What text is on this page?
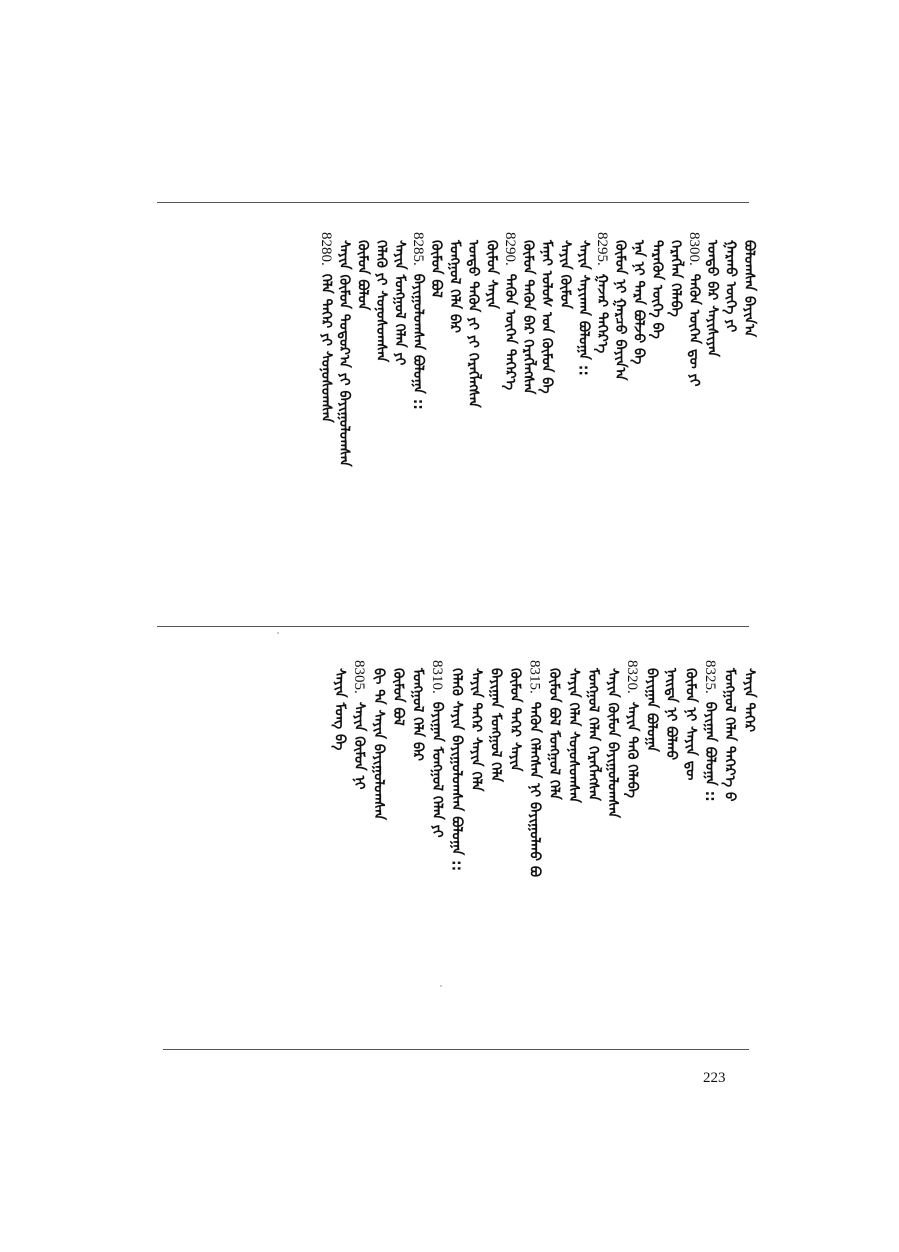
ᠪᠣᠯᠣᠭᠰᠠᠨ ᠪᠠᠶᠢᠨ᠎ᠠ
ᠭᠠᠷᠬᠤ ᠦᠭᠡ ᠶᠢ
ᠤᠨᠳᠤ ᠪᠠᠷ ᠰᠠᠶᠢᠰᠢᠶᠠᠨ
8300.ᠲᠡᠭᠦᠨ ᠦᠭᠡᠨ ᠳᠦ ᠶᠢ
ᠬᠡᠷᠡᠭᠯᠡᠨ ᠬᠡᠯᠡᠪᠡ
ᠲᠡᠷᠡᠭᠦᠨ ᠦᠭᠡ ᠪᠡ
ᠡᠨᠡ ᠨᠢ ᠲᠡᠷᠡ ᠪᠣᠯᠵᠤ ᠪᠠ
ᠬᠦᠮᠦᠨ ᠨᠢ ᠭᠠᠷᠴᠤ ᠪᠠᠶᠢᠨ᠎ᠠ
8295.ᠭᠠᠵᠠᠷ ᠳᠡᠭᠡᠷ᠎ᠡ
ᠰᠠᠶᠢᠨ ᠰᠠᠶᠢᠬᠠᠨ ᠪᠣᠯᠤᠭᠠ ::
ᠰᠠᠶᠢᠨ ᠬᠦᠮᠦᠨ
ᠮᠠᠨᠠᠢ ᠤᠯᠤᠰ ᠤᠨ ᠬᠦᠮᠦᠨ ᠪᠠ
ᠬᠦᠮᠦᠨ ᠲᠡᠭᠦᠨ ᠪᠡᠷ ᠬᠡᠷᠡᠭᠯᠡᠭᠰᠡᠨ
8290.ᠲᠡᠭᠦᠨ ᠦᠭᠡᠨ ᠳᠡᠭᠡᠷ᠎ᠡ
ᠬᠦᠮᠦᠨ ᠰᠠᠶᠢᠨ
ᠤᠨᠳᠤ ᠲᠡᠭᠦᠨ ᠶᠢ ᠶᠢ ᠬᠡᠷᠡᠭᠯᠡᠭᠰᠡᠨ
ᠮᠣᠩᠭᠣᠯ ᠬᠡᠯᠡ ᠪᠡᠷ
ᠬᠦᠮᠦᠨ ᠪᠣᠯ
8285.ᠪᠠᠶᠢᠭᠤᠯᠤᠭᠰᠠᠨ ᠪᠣᠯᠤᠭᠠ ::
ᠰᠠᠶᠢᠨ ᠮᠣᠩᠭᠣᠯ ᠬᠡᠯᠡᠨ ᠶᠢ
ᠬᠡᠯᠡᠬᠦ ᠶᠢ ᠰᠣᠨᠣᠰᠣᠭᠰᠠᠨ
ᠬᠦᠮᠦᠨ ᠪᠣᠯᠣᠨ
ᠰᠠᠶᠢᠨ ᠬᠦᠮᠦᠨ ᠳᠣᠲᠣᠷ᠎ᠠ ᠶᠢ ᠪᠠᠶᠢᠭᠤᠯᠤᠭᠰᠠᠨ
8280.ᠬᠡᠯᠡ ᠳᠡᠭᠡᠷ ᠶᠢ ᠰᠣᠨᠣᠰᠣᠭᠰᠠᠨ
ᠰᠠᠶᠢᠨ ᠳᠡᠭᠡᠷ
ᠮᠣᠩᠭᠣᠯ ᠬᠡᠯᠡᠨ ᠳᠡᠭᠡᠷ᠎ᠡ ᠪ
8325.ᠪᠠᠶᠢᠭᠠᠨ ᠪᠣᠯᠤᠭᠠ ::
ᠬᠦᠮᠦᠨ ᠨᠢ ᠰᠠᠶᠢᠨ ᠳᠦ
ᠨᠡᠢᠳᠡ ᠨᠢ ᠪᠣᠯᠬᠤ
ᠪᠠᠶᠢᠭᠠᠨ ᠪᠣᠯᠤᠭᠠ
8320.ᠰᠠᠶᠢᠨ ᠲᠡᠭᠦ ᠬᠡᠯᠡᠪᠡ
ᠰᠠᠶᠢᠨ ᠬᠦᠮᠦᠨ ᠪᠠᠶᠢᠭᠤᠯᠤᠭᠰᠠᠨ
ᠮᠣᠩᠭᠣᠯ ᠬᠡᠯᠡᠨ ᠬᠡᠷᠡᠭᠯᠡᠭᠰᠡᠨ
ᠰᠠᠶᠢᠨ ᠬᠡᠯᠡᠨ ᠰᠣᠨᠣᠰᠣᠭᠰᠠᠨ
ᠬᠦᠮᠦᠨ ᠪᠣᠯ ᠮᠣᠩᠭᠣᠯ ᠬᠡᠯᠡ
8315.ᠲᠡᠭᠦᠨ ᠬᠡᠯᠡᠭᠰᠡᠨ ᠨᠢ ᠪᠠᠶᠢᠭᠤᠯᠬᠤ ᠪᠣ
ᠬᠦᠮᠦᠨ ᠳᠡᠭᠡᠷ ᠰᠠᠶᠢᠨ
ᠪᠠᠶᠢᠭᠠᠨ ᠮᠣᠩᠭᠣᠯ ᠬᠡᠯᠡ
ᠰᠠᠶᠢᠨ ᠳᠡᠭᠡᠷ ᠰᠠᠶᠢᠨ ᠬᠡᠯᠡ
ᠬᠡᠯᠡᠬᠦ ᠰᠠᠶᠢᠨ ᠪᠠᠶᠢᠭᠤᠯᠤᠭᠰᠠᠨ ᠪᠣᠯᠤᠭᠠ ::
8310.ᠪᠠᠶᠢᠭᠠᠨ ᠮᠣᠩᠭᠣᠯ ᠬᠡᠯᠡᠨ ᠶᠢ
ᠮᠣᠩᠭᠣᠯ ᠬᠡᠯᠡ ᠪᠡᠷ
ᠬᠦᠮᠦᠨ ᠪᠣᠯ
ᠪᠢ ᠲᠡ ᠰᠠᠶᠢᠨ ᠪᠠᠶᠢᠭᠤᠯᠤᠭᠰᠠᠨ
8305.ᠰᠠᠶᠢᠨ ᠬᠦᠮᠦᠨ ᠨᠢ
ᠰᠠᠶᠢᠨ ᠮᠣᠩ ᠪᠠ
223
